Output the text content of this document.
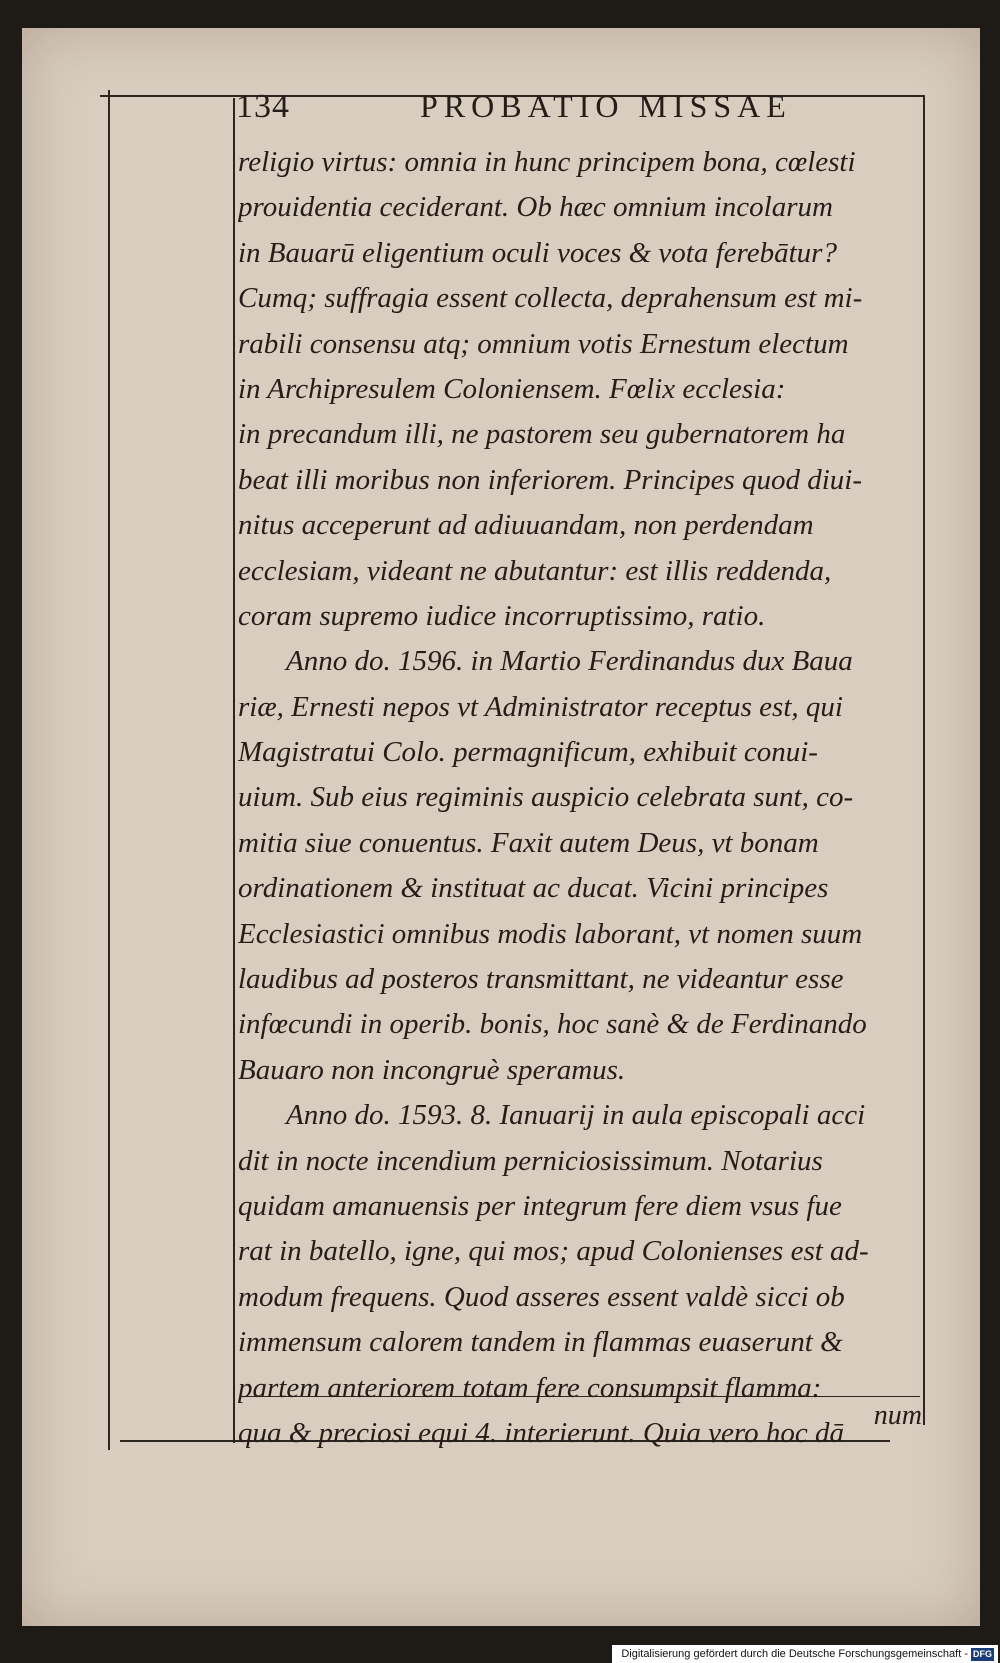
134	PROBATIO MISSAE
religio virtus: omnia in hunc principem bona, cœlesti
prouidentia ceciderant. Ob hæc omnium incolarum
in Bauarū eligentium oculi voces & vota ferebātur?
Cumq; suffragia essent collecta, deprahensum est mi-
rabili consensu atq; omnium votis Ernestum electum
in Archipresulem Coloniensem. Fœlix ecclesia:
in precandum illi, ne pastorem seu gubernatorem ha
beat illi moribus non inferiorem. Principes quod diui-
nitus acceperunt ad adiuuandam, non perdendam
ecclesiam, videant ne abutantur: est illis reddenda,
coram supremo iudice incorruptissimo, ratio.
Anno do. 1596. in Martio Ferdinandus dux Baua
riæ, Ernesti nepos vt Administrator receptus est, qui
Magistratui Colo. permagnificum, exhibuit conui-
uium. Sub eius regiminis auspicio celebrata sunt, co-
mitia siue conuentus. Faxit autem Deus, vt bonam
ordinationem & instituat ac ducat. Vicini principes
Ecclesiastici omnibus modis laborant, vt nomen suum
laudibus ad posteros transmittant, ne videantur esse
infœcundi in operib. bonis, hoc sanè & de Ferdinando
Bauaro non incongruè speramus.
Anno do. 1593. 8. Ianuarij in aula episcopali acci
dit in nocte incendium perniciosissimum. Notarius
quidam amanuensis per integrum fere diem vsus fue
rat in batello, igne, qui mos; apud Colonienses est ad-
modum frequens. Quod asseres essent valdè sicci ob
immensum calorem tandem in flammas euaserunt &
partem anteriorem totam fere consumpsit flamma:
qua & preciosi equi 4. interierunt. Quia vero hoc dā
num
Digitalisierung gefördert durch die Deutsche Forschungsgemeinschaft - DFG
